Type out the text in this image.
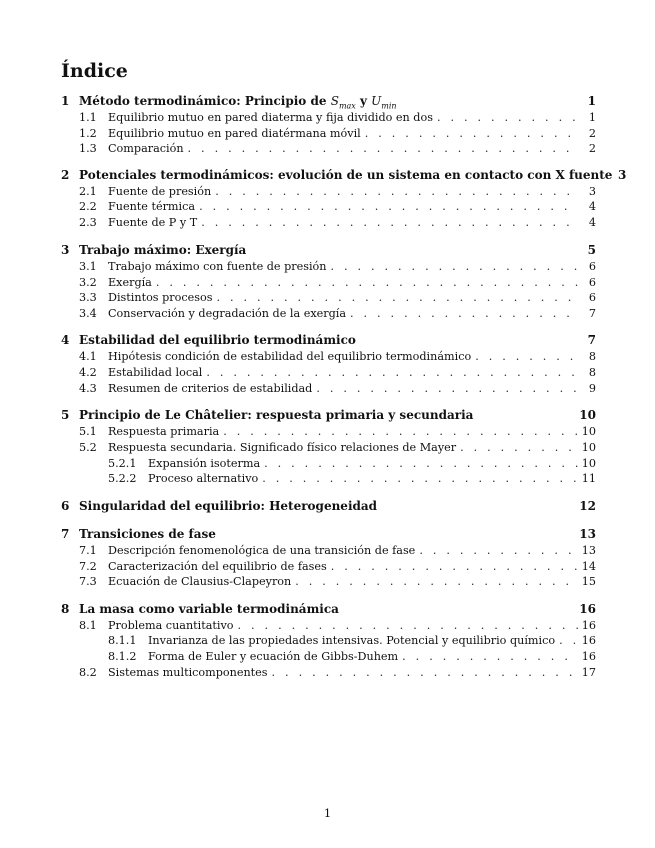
Índice
1 Método termodinámico: Principio de $S_{max}$ y $U_{min}$	1
1.1	Equilibrio mutuo en pared diaterma y fija dividido en dos . . .	1
1.2	Equilibrio mutuo en pared diatérmana móvil . . .	2
1.3	Comparación . . .	2
2 Potenciales termodinámicos: evolución de un sistema en contacto con X fuente 3
2.1	Fuente de presión . . .	3
2.2	Fuente térmica . . .	4
2.3	Fuente de P y T . . .	4
3 Trabajo máximo: Exergía	5
3.1	Trabajo máximo con fuente de presión . . .	6
3.2	Exergía . . .	6
3.3	Distintos procesos . . .	6
3.4	Conservación y degradación de la exergía . . .	7
4 Estabilidad del equilibrio termodinámico	7
4.1	Hipótesis condición de estabilidad del equilibrio termodinámico . . .	8
4.2	Estabilidad local . . .	8
4.3	Resumen de criterios de estabilidad . . .	9
5 Principio de Le Châtelier: respuesta primaria y secundaria	10
5.1	Respuesta primaria . . .	10
5.2	Respuesta secundaria. Significado físico relaciones de Mayer . . .	10
5.2.1	Expansión isoterma . . .	10
5.2.2	Proceso alternativo . . .	11
6 Singularidad del equilibrio: Heterogeneidad	12
7 Transiciones de fase	13
7.1	Descripción fenomenológica de una transición de fase . . .	13
7.2	Caracterización del equilibrio de fases . . .	14
7.3	Ecuación de Clausius-Clapeyron . . .	15
8 La masa como variable termodinámica	16
8.1	Problema cuantitativo . . .	16
8.1.1	Invarianza de las propiedades intensivas. Potencial y equilibrio químico . . . 16
8.1.2	Forma de Euler y ecuación de Gibbs-Duhem . . .	16
8.2	Sistemas multicomponentes . . .	17
1
